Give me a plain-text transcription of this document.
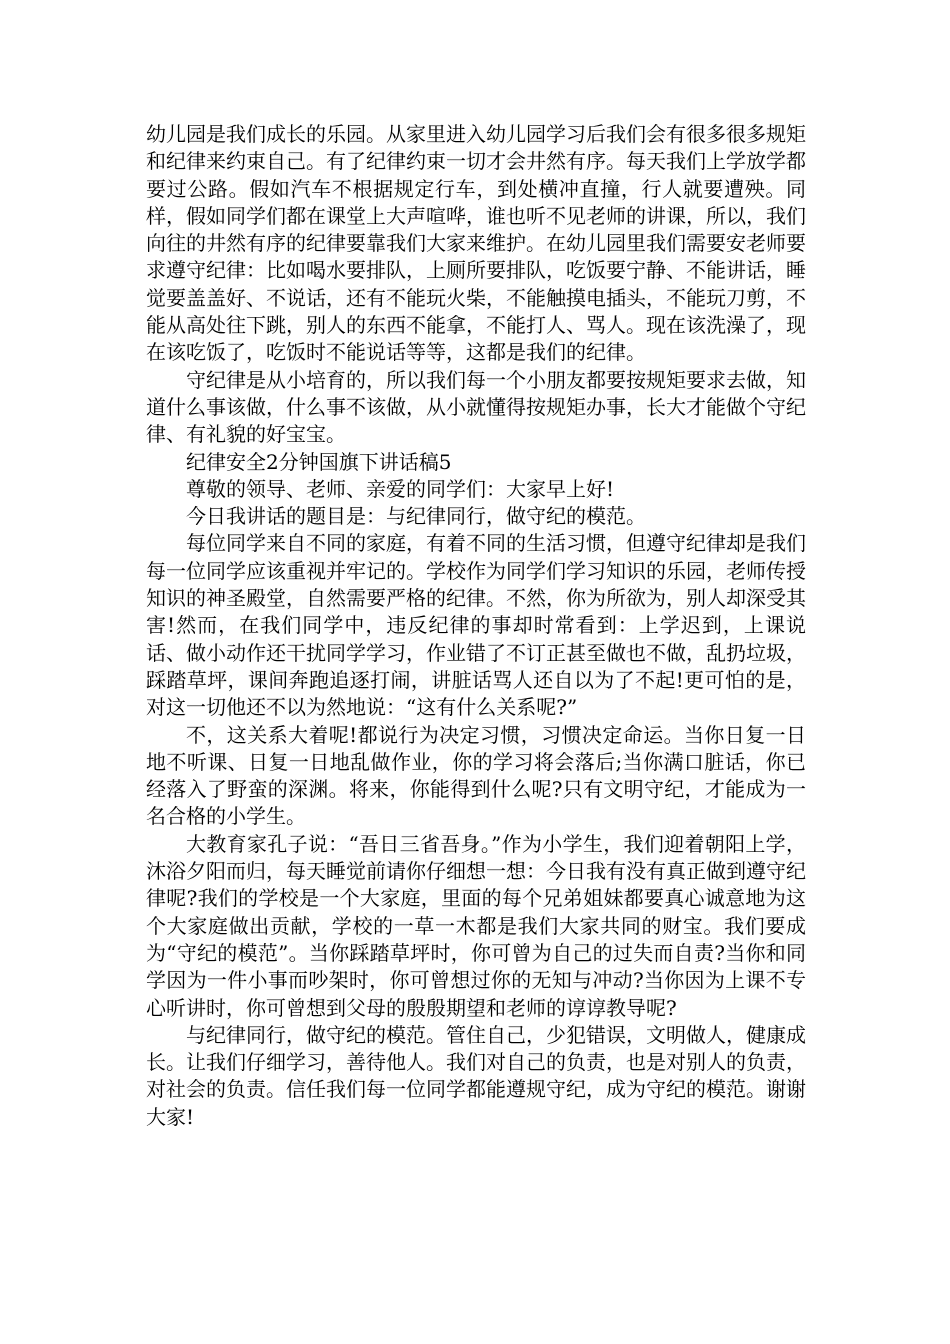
幼儿园是我们成长的乐园。从家里进入幼儿园学习后我们会有很多很多规矩和纪律来约束自己。有了纪律约束一切才会井然有序。每天我们上学放学都要过公路。假如汽车不根据规定行车，到处横冲直撞，行人就要遭殃。同样，假如同学们都在课堂上大声喧哗，谁也听不见老师的讲课，所以，我们向往的井然有序的纪律要靠我们大家来维护。在幼儿园里我们需要安老师要求遵守纪律：比如喝水要排队，上厕所要排队，吃饭要宁静、不能讲话，睡觉要盖盖好、不说话，还有不能玩火柴，不能触摸电插头，不能玩刀剪，不能从高处往下跳，别人的东西不能拿，不能打人、骂人。现在该洗澡了，现在该吃饭了，吃饭时不能说话等等，这都是我们的纪律。

守纪律是从小培育的，所以我们每一个小朋友都要按规矩要求去做，知道什么事该做，什么事不该做，从小就懂得按规矩办事，长大才能做个守纪律、有礼貌的好宝宝。

纪律安全2分钟国旗下讲话稿5

尊敬的领导、老师、亲爱的同学们：大家早上好!

今日我讲话的题目是：与纪律同行，做守纪的模范。

每位同学来自不同的家庭，有着不同的生活习惯，但遵守纪律却是我们每一位同学应该重视并牢记的。学校作为同学们学习知识的乐园，老师传授知识的神圣殿堂，自然需要严格的纪律。不然，你为所欲为，别人却深受其害!然而，在我们同学中，违反纪律的事却时常看到：上学迟到，上课说话、做小动作还干扰同学学习，作业错了不订正甚至做也不做，乱扔垃圾，踩踏草坪，课间奔跑追逐打闹，讲脏话骂人还自以为了不起!更可怕的是，对这一切他还不以为然地说：“这有什么关系呢?”

不，这关系大着呢!都说行为决定习惯，习惯决定命运。当你日复一日地不听课、日复一日地乱做作业，你的学习将会落后;当你满口脏话，你已经落入了野蛮的深渊。将来，你能得到什么呢?只有文明守纪，才能成为一名合格的小学生。

大教育家孔子说：“吾日三省吾身。”作为小学生，我们迎着朝阳上学，沐浴夕阳而归，每天睡觉前请你仔细想一想：今日我有没有真正做到遵守纪律呢?我们的学校是一个大家庭，里面的每个兄弟姐妹都要真心诚意地为这个大家庭做出贡献，学校的一草一木都是我们大家共同的财宝。我们要成为“守纪的模范”。当你踩踏草坪时，你可曾为自己的过失而自责?当你和同学因为一件小事而吵架时，你可曾想过你的无知与冲动?当你因为上课不专心听讲时，你可曾想到父母的殷殷期望和老师的谆谆教导呢?

与纪律同行，做守纪的模范。管住自己，少犯错误，文明做人，健康成长。让我们仔细学习，善待他人。我们对自己的负责，也是对别人的负责，对社会的负责。信任我们每一位同学都能遵规守纪，成为守纪的模范。谢谢大家!
